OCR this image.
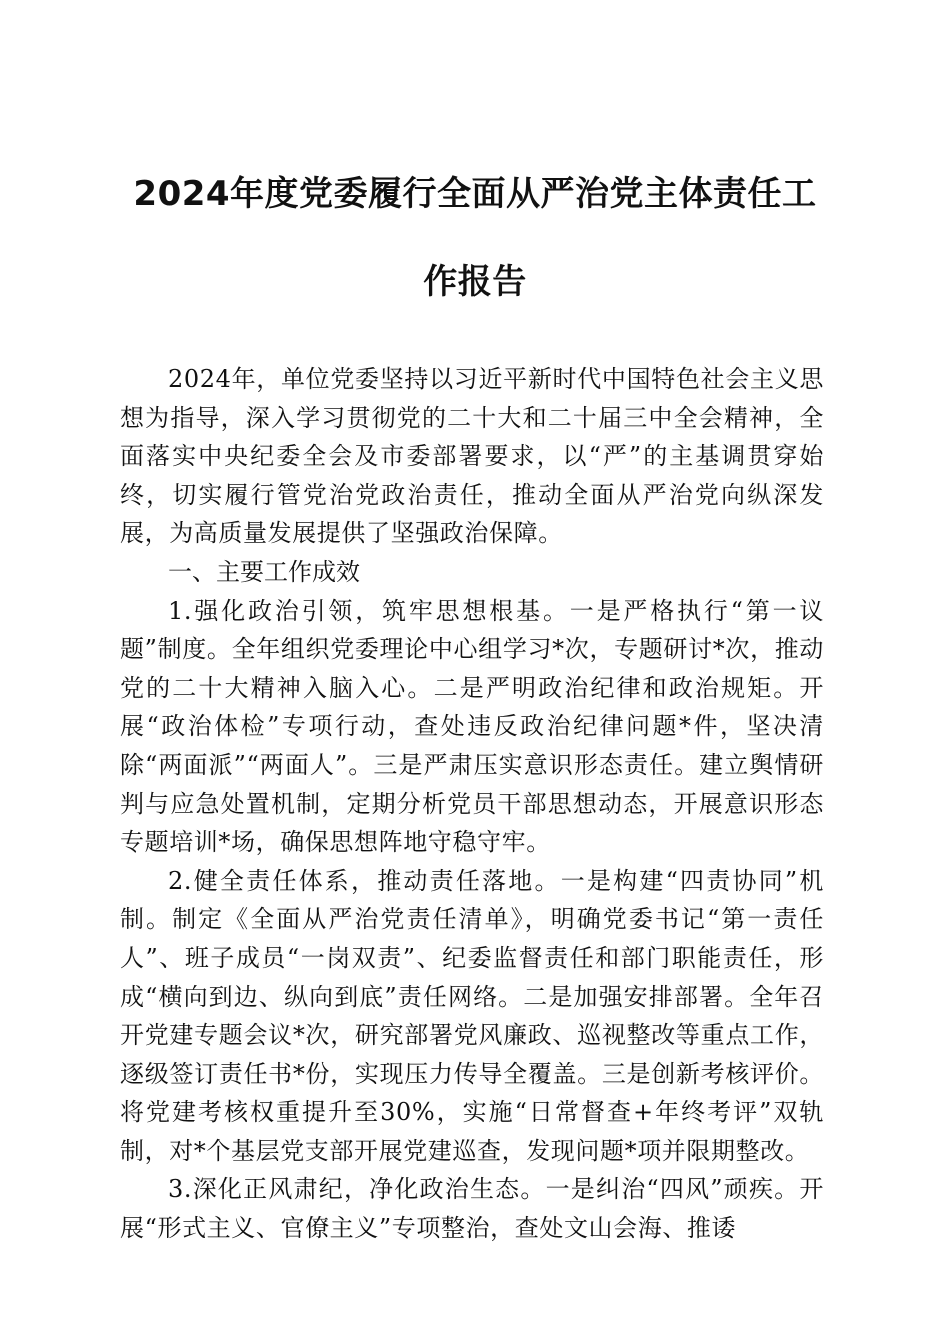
2024年度党委履行全面从严治党主体责任工
作报告

2024年，单位党委坚持以习近平新时代中国特色社会主义思想为指导，深入学习贯彻党的二十大和二十届三中全会精神，全面落实中央纪委全会及市委部署要求，以“严”的主基调贯穿始终，切实履行管党治党政治责任，推动全面从严治党向纵深发展，为高质量发展提供了坚强政治保障。

一、主要工作成效

1.强化政治引领，筑牢思想根基。一是严格执行“第一议题”制度。全年组织党委理论中心组学习*次，专题研讨*次，推动党的二十大精神入脑入心。二是严明政治纪律和政治规矩。开展“政治体检”专项行动，查处违反政治纪律问题*件，坚决清除“两面派”“两面人”。三是严肃压实意识形态责任。建立舆情研判与应急处置机制，定期分析党员干部思想动态，开展意识形态专题培训*场，确保思想阵地守稳守牢。

2.健全责任体系，推动责任落地。一是构建“四责协同”机制。制定《全面从严治党责任清单》，明确党委书记“第一责任人”、班子成员“一岗双责”、纪委监督责任和部门职能责任，形成“横向到边、纵向到底”责任网络。二是加强安排部署。全年召开党建专题会议*次，研究部署党风廉政、巡视整改等重点工作，逐级签订责任书*份，实现压力传导全覆盖。三是创新考核评价。将党建考核权重提升至30%，实施“日常督查+年终考评”双轨制，对*个基层党支部开展党建巡查，发现问题*项并限期整改。

3.深化正风肃纪，净化政治生态。一是纠治“四风”顽疾。开展“形式主义、官僚主义”专项整治，查处文山会海、推诿
